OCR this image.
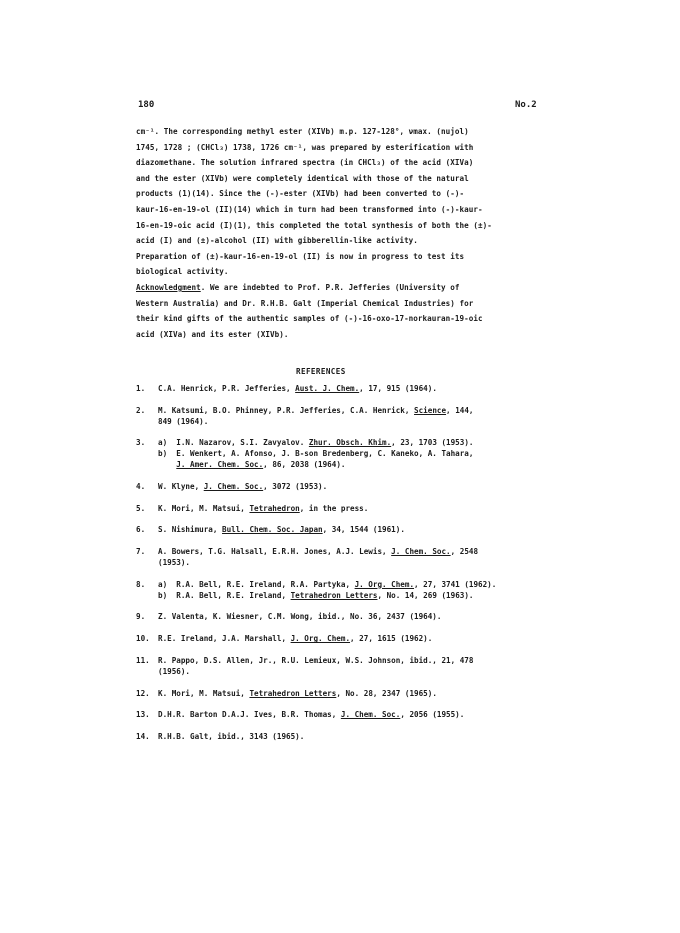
180	No.2

cm⁻¹. The corresponding methyl ester (XIVb) m.p. 127-128°, νmax. (nujol)

1745, 1728 ; (CHCl₃) 1738, 1726 cm⁻¹, was prepared by esterification with

diazomethane. The solution infrared spectra (in CHCl₃) of the acid (XIVa)

and the ester (XIVb) were completely identical with those of the natural

products (1)(14). Since the (-)-ester (XIVb) had been converted to (-)-

kaur-16-en-19-ol (II)(14) which in turn had been transformed into (-)-kaur-

16-en-19-oic acid (I)(1), this completed the total synthesis of both the (±)-

acid (I) and (±)-alcohol (II) with gibberellin-like activity.

Preparation of (±)-kaur-16-en-19-ol (II) is now in progress to test its

biological activity.

Acknowledgment. We are indebted to Prof. P.R. Jefferies (University of

Western Australia) and Dr. R.H.B. Galt (Imperial Chemical Industries) for

their kind gifts of the authentic samples of (-)-16-oxo-17-norkauran-19-oic

acid (XIVa) and its ester (XIVb).

REFERENCES
1.	C.A. Henrick, P.R. Jefferies, Aust. J. Chem., 17, 915 (1964).
2.	M. Katsumi, B.O. Phinney, P.R. Jefferies, C.A. Henrick, Science, 144,
849 (1964).
3.	a)  I.N. Nazarov, S.I. Zavyalov. Zhur. Obsch. Khim., 23, 1703 (1953).
b)  E. Wenkert, A. Afonso, J. B-son Bredenberg, C. Kaneko, A. Tahara,
J. Amer. Chem. Soc., 86, 2038 (1964).
4.	W. Klyne, J. Chem. Soc., 3072 (1953).
5.	K. Mori, M. Matsui, Tetrahedron, in the press.
6.	S. Nishimura, Bull. Chem. Soc. Japan, 34, 1544 (1961).
7.	A. Bowers, T.G. Halsall, E.R.H. Jones, A.J. Lewis, J. Chem. Soc., 2548
(1953).
8.	a)  R.A. Bell, R.E. Ireland, R.A. Partyka, J. Org. Chem., 27, 3741 (1962).
b)  R.A. Bell, R.E. Ireland, Tetrahedron Letters, No. 14, 269 (1963).
9.	Z. Valenta, K. Wiesner, C.M. Wong, ibid., No. 36, 2437 (1964).
10.	R.E. Ireland, J.A. Marshall, J. Org. Chem., 27, 1615 (1962).
11.	R. Pappo, D.S. Allen, Jr., R.U. Lemieux, W.S. Johnson, ibid., 21, 478
(1956).
12.	K. Mori, M. Matsui, Tetrahedron Letters, No. 28, 2347 (1965).
13.	D.H.R. Barton D.A.J. Ives, B.R. Thomas, J. Chem. Soc., 2056 (1955).
14.	R.H.B. Galt, ibid., 3143 (1965).
